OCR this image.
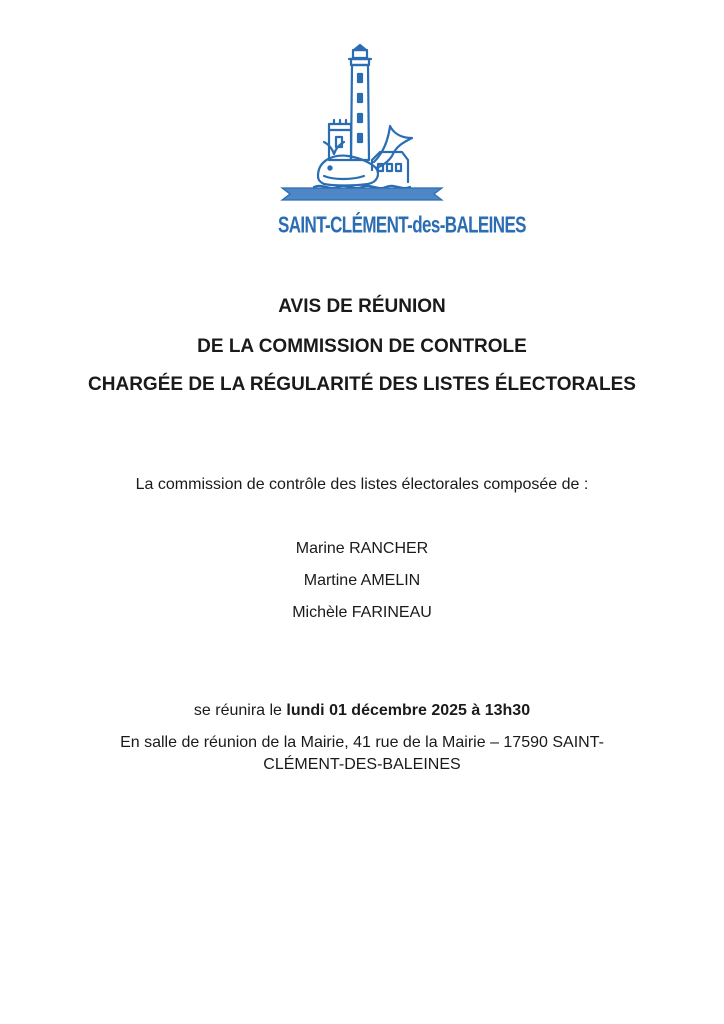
SAINT-CLÉMENT-des-BALEINES
AVIS DE RÉUNION
DE LA COMMISSION DE CONTROLE
CHARGÉE DE LA RÉGULARITÉ DES LISTES ÉLECTORALES
La commission de contrôle des listes électorales composée de :
Marine RANCHER
Martine AMELIN
Michèle FARINEAU
se réunira le lundi 01 décembre 2025 à 13h30
En salle de réunion de la Mairie, 41 rue de la Mairie – 17590 SAINT-
CLÉMENT-DES-BALEINES
